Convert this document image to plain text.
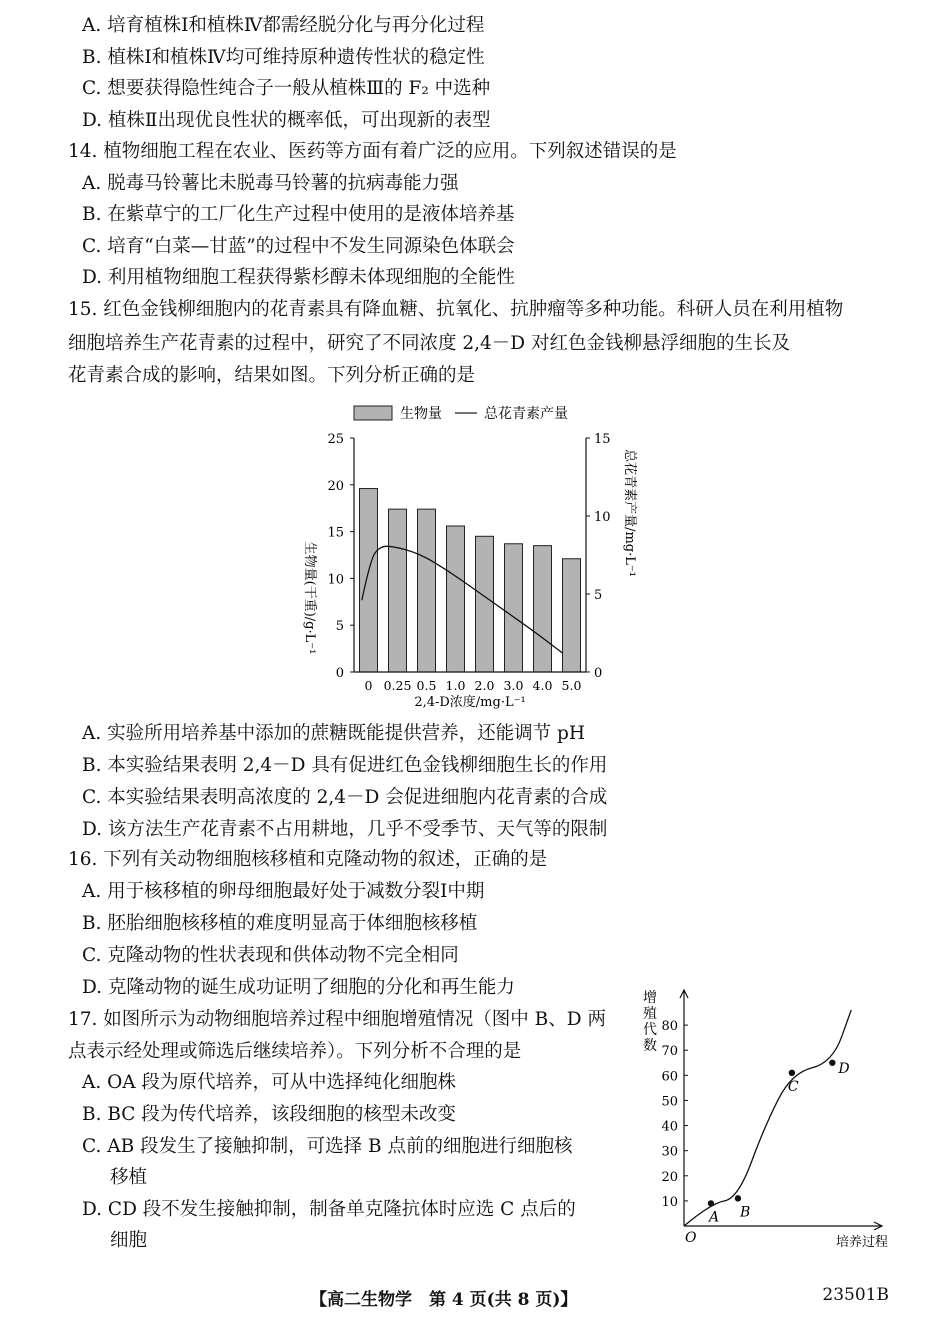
A. 培育植株Ⅰ和植株Ⅳ都需经脱分化与再分化过程
B. 植株Ⅰ和植株Ⅳ均可维持原种遗传性状的稳定性
C. 想要获得隐性纯合子一般从植株Ⅲ的 F₂ 中选种
D. 植株Ⅱ出现优良性状的概率低，可出现新的表型
14. 植物细胞工程在农业、医药等方面有着广泛的应用。下列叙述错误的是
A. 脱毒马铃薯比未脱毒马铃薯的抗病毒能力强
B. 在紫草宁的工厂化生产过程中使用的是液体培养基
C. 培育“白菜—甘蓝”的过程中不发生同源染色体联会
D. 利用植物细胞工程获得紫杉醇未体现细胞的全能性
15. 红色金钱柳细胞内的花青素具有降血糖、抗氧化、抗肿瘤等多种功能。科研人员在利用植物
细胞培养生产花青素的过程中，研究了不同浓度 2,4－D 对红色金钱柳悬浮细胞的生长及
花青素合成的影响，结果如图。下列分析正确的是
生物量	总花青素产量
生物量(干重)/g·L⁻¹
总花青素产量/mg·L⁻¹
0
5
10
15
20
25
0
5
10
15
0 0.25 0.5 1.0 2.0 3.0 4.0 5.0
2,4-D浓度/mg·L⁻¹
A. 实验所用培养基中添加的蔗糖既能提供营养，还能调节 pH
B. 本实验结果表明 2,4－D 具有促进红色金钱柳细胞生长的作用
C. 本实验结果表明高浓度的 2,4－D 会促进细胞内花青素的合成
D. 该方法生产花青素不占用耕地，几乎不受季节、天气等的限制
16. 下列有关动物细胞核移植和克隆动物的叙述，正确的是
A. 用于核移植的卵母细胞最好处于减数分裂Ⅰ中期
B. 胚胎细胞核移植的难度明显高于体细胞核移植
C. 克隆动物的性状表现和供体动物不完全相同
D. 克隆动物的诞生成功证明了细胞的分化和再生能力
17. 如图所示为动物细胞培养过程中细胞增殖情况（图中 B、D 两
点表示经处理或筛选后继续培养）。下列分析不合理的是
A. OA 段为原代培养，可从中选择纯化细胞株
B. BC 段为传代培养，该段细胞的核型未改变
C. AB 段发生了接触抑制，可选择 B 点前的细胞进行细胞核
移植
D. CD 段不发生接触抑制，制备单克隆抗体时应选 C 点后的
细胞
10
20
30
40
50
60
70
80
增
殖
代
数
A B
C
D
O	培养过程
【高二生物学　第 4 页(共 8 页)】	23501B
